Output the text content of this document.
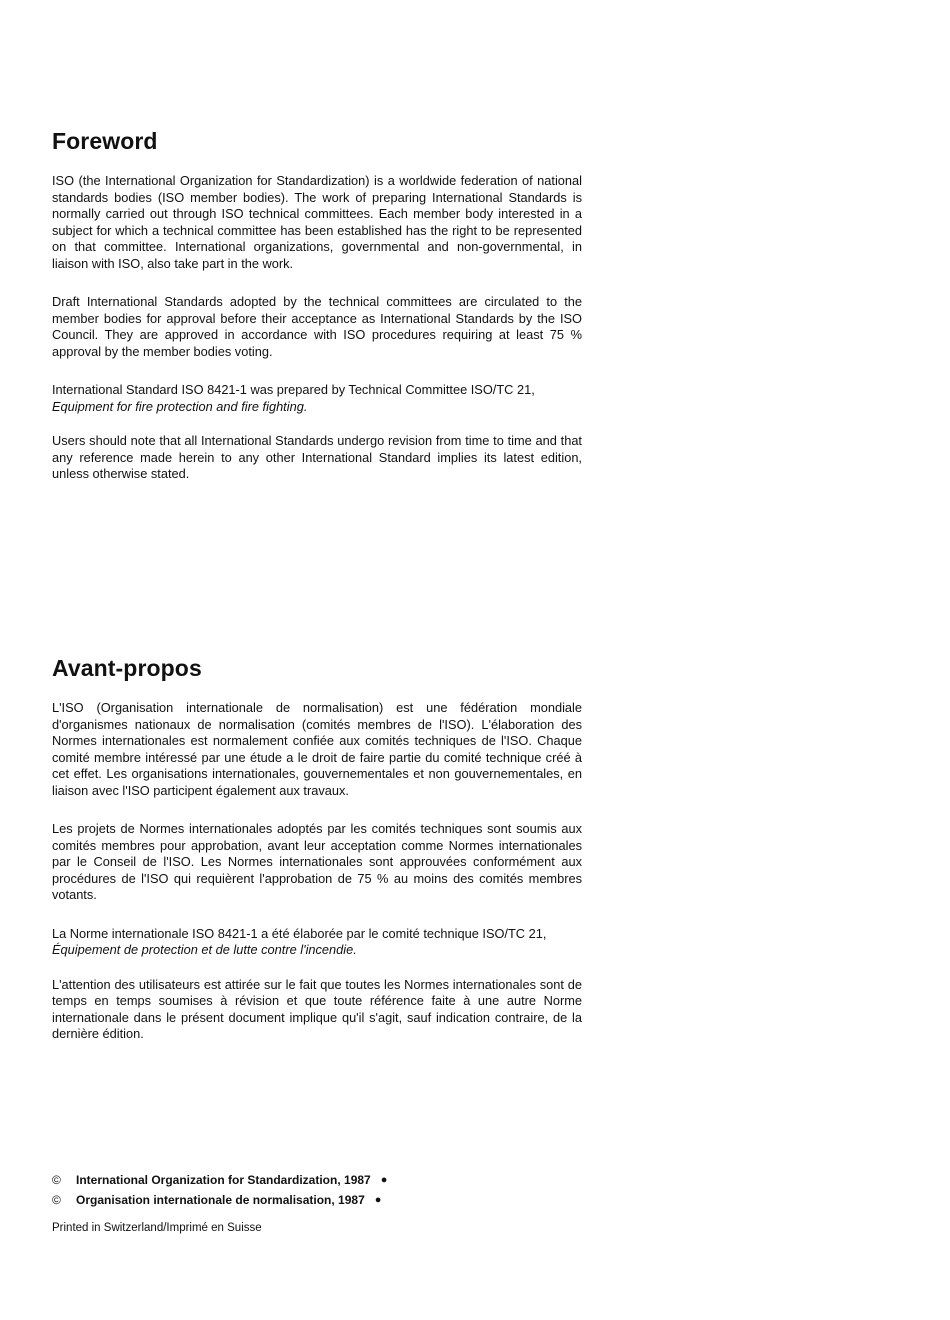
Foreword

ISO (the International Organization for Standardization) is a worldwide federation of national standards bodies (ISO member bodies). The work of preparing International Standards is normally carried out through ISO technical committees. Each member body interested in a subject for which a technical committee has been established has the right to be represented on that committee. International organizations, governmental and non-governmental, in liaison with ISO, also take part in the work.

Draft International Standards adopted by the technical committees are circulated to the member bodies for approval before their acceptance as International Standards by the ISO Council. They are approved in accordance with ISO procedures requiring at least 75 % approval by the member bodies voting.

International Standard ISO 8421-1 was prepared by Technical Committee ISO/TC 21,
Equipment for fire protection and fire fighting.

Users should note that all International Standards undergo revision from time to time and that any reference made herein to any other International Standard implies its latest edition, unless otherwise stated.

Avant-propos

L'ISO (Organisation internationale de normalisation) est une fédération mondiale d'organismes nationaux de normalisation (comités membres de l'ISO). L'élaboration des Normes internationales est normalement confiée aux comités techniques de l'ISO. Chaque comité membre intéressé par une étude a le droit de faire partie du comité technique créé à cet effet. Les organisations internationales, gouvernementales et non gouvernementales, en liaison avec l'ISO participent également aux travaux.

Les projets de Normes internationales adoptés par les comités techniques sont soumis aux comités membres pour approbation, avant leur acceptation comme Normes internationales par le Conseil de l'ISO. Les Normes internationales sont approuvées conformément aux procédures de l'ISO qui requièrent l'approbation de 75 % au moins des comités membres votants.

La Norme internationale ISO 8421-1 a été élaborée par le comité technique ISO/TC 21,
Équipement de protection et de lutte contre l'incendie.

L'attention des utilisateurs est attirée sur le fait que toutes les Normes internationales sont de temps en temps soumises à révision et que toute référence faite à une autre Norme internationale dans le présent document implique qu'il s'agit, sauf indication contraire, de la dernière édition.

©	International Organization for Standardization, 1987 ●
©	Organisation internationale de normalisation, 1987 ●
Printed in Switzerland/Imprimé en Suisse
